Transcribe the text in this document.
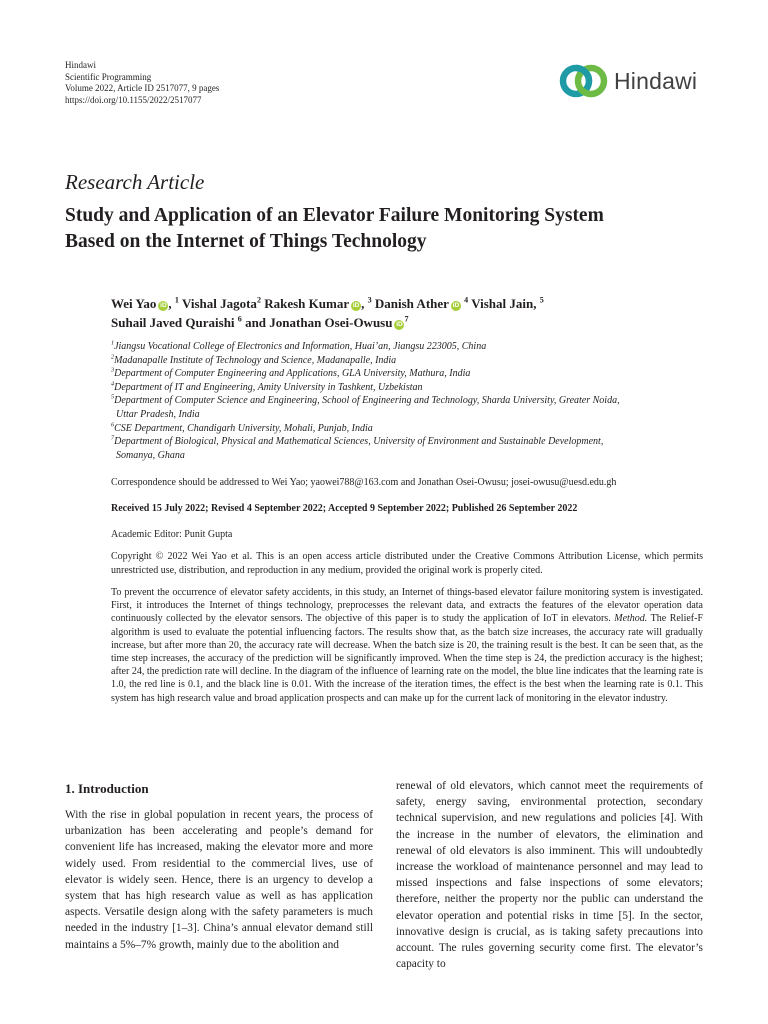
Hindawi
Scientific Programming
Volume 2022, Article ID 2517077, 9 pages
https://doi.org/10.1155/2022/2517077
Hindawi
Research Article
Study and Application of an Elevator Failure Monitoring System
Based on the Internet of Things Technology
Wei Yao iD , $^1$ Vishal Jagota$^2$ Rakesh Kumar iD , $^3$ Danish Ather iD $^4$ Vishal Jain, $^5$
Suhail Javed Quraishi $^6$ and Jonathan Osei-Owusu $iD^7$
$^1$Jiangsu Vocational College of Electronics and Information, Huai’an, Jiangsu 223005, China
$^2$Madanapalle Institute of Technology and Science, Madanapalle, India
$^3$Department of Computer Engineering and Applications, GLA University, Mathura, India
$^4$Department of IT and Engineering, Amity University in Tashkent, Uzbekistan
$^5$Department of Computer Science and Engineering, School of Engineering and Technology, Sharda University, Greater Noida,
Uttar Pradesh, India
$^6$CSE Department, Chandigarh University, Mohali, Punjab, India
$^7$Department of Biological, Physical and Mathematical Sciences, University of Environment and Sustainable Development,
Somanya, Ghana
Correspondence should be addressed to Wei Yao; yaowei788@163.com and Jonathan Osei-Owusu; josei-owusu@uesd.edu.gh
Received 15 July 2022; Revised 4 September 2022; Accepted 9 September 2022; Published 26 September 2022
Academic Editor: Punit Gupta
Copyright © 2022 Wei Yao et al. This is an open access article distributed under the Creative Commons Attribution License, which permits unrestricted use, distribution, and reproduction in any medium, provided the original work is properly cited.
To prevent the occurrence of elevator safety accidents, in this study, an Internet of things-based elevator failure monitoring system is investigated. First, it introduces the Internet of things technology, preprocesses the relevant data, and extracts the features of the elevator operation data continuously collected by the elevator sensors. The objective of this paper is to study the application of IoT in elevators. Method. The Relief-F algorithm is used to evaluate the potential influencing factors. The results show that, as the batch size increases, the accuracy rate will gradually increase, but after more than 20, the accuracy rate will decrease. When the batch size is 20, the training result is the best. It can be seen that, as the time step increases, the accuracy of the prediction will be significantly improved. When the time step is 24, the prediction accuracy is the highest; after 24, the prediction rate will decline. In the diagram of the influence of learning rate on the model, the blue line indicates that the learning rate is 1.0, the red line is 0.1, and the black line is 0.01. With the increase of the iteration times, the effect is the best when the learning rate is 0.1. This system has high research value and broad application prospects and can make up for the current lack of monitoring in the elevator industry.
1. Introduction
With the rise in global population in recent years, the process of urbanization has been accelerating and people’s demand for convenient life has increased, making the elevator more and more widely used. From residential to the commercial lives, use of elevator is widely seen. Hence, there is an urgency to develop a system that has high research value as well as has application aspects. Versatile design along with the safety parameters is much needed in the industry [1–3]. China’s annual elevator demand still maintains a 5%–7% growth, mainly due to the abolition and
renewal of old elevators, which cannot meet the requirements of safety, energy saving, environmental protection, secondary technical supervision, and new regulations and policies [4]. With the increase in the number of elevators, the elimination and renewal of old elevators is also imminent. This will undoubtedly increase the workload of maintenance personnel and may lead to missed inspections and false inspections of some elevators; therefore, neither the property nor the public can understand the elevator operation and potential risks in time [5]. In the sector, innovative design is crucial, as is taking safety precautions into account. The rules governing security come first. The elevator’s capacity to
